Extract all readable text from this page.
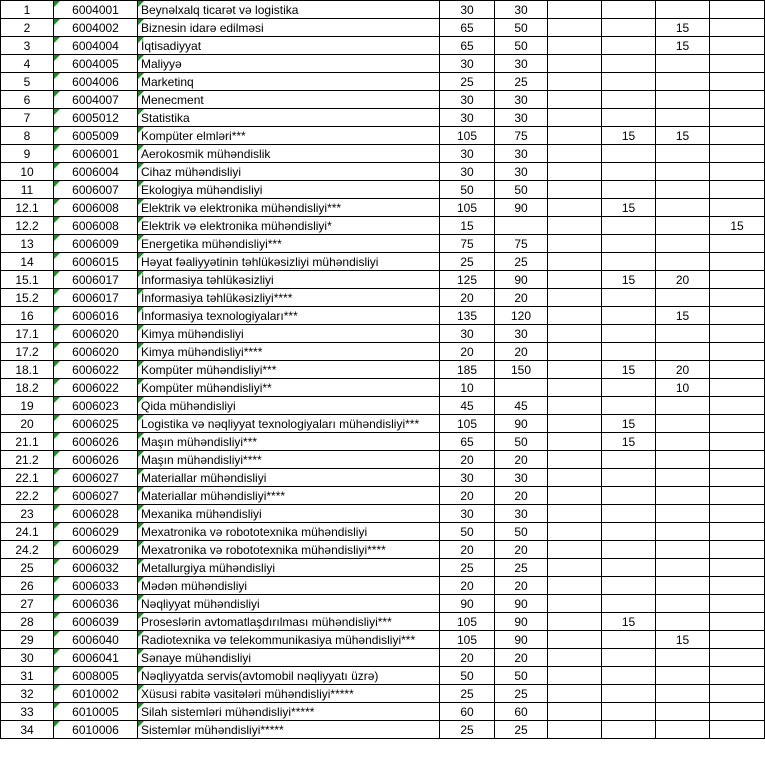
1	6004001	Beynəlxalq ticarət və logistika	30	30				
2	6004002	Biznesin idarə edilməsi	65	50			15	
3	6004004	İqtisadiyyat	65	50			15	
4	6004005	Maliyyə	30	30				
5	6004006	Marketinq	25	25				
6	6004007	Menecment	30	30				
7	6005012	Statistika	30	30				
8	6005009	Kompüter elmləri***	105	75		15	15	
9	6006001	Aerokosmik mühəndislik	30	30				
10	6006004	Cihaz mühəndisliyi	30	30				
11	6006007	Ekologiya mühəndisliyi	50	50				
12.1	6006008	Elektrik və elektronika mühəndisliyi***	105	90		15		
12.2	6006008	Elektrik və elektronika mühəndisliyi*	15					15
13	6006009	Energetika mühəndisliyi***	75	75				
14	6006015	Həyat fəaliyyətinin təhlükəsizliyi mühəndisliyi	25	25				
15.1	6006017	İnformasiya təhlükəsizliyi	125	90		15	20	
15.2	6006017	İnformasiya təhlükəsizliyi****	20	20				
16	6006016	İnformasiya texnologiyaları***	135	120			15	
17.1	6006020	Kimya mühəndisliyi	30	30				
17.2	6006020	Kimya mühəndisliyi****	20	20				
18.1	6006022	Kompüter mühəndisliyi***	185	150		15	20	
18.2	6006022	Kompüter mühəndisliyi**	10				10	
19	6006023	Qida mühəndisliyi	45	45				
20	6006025	Logistika və nəqliyyat texnologiyaları mühəndisliyi***	105	90		15		
21.1	6006026	Maşın mühəndisliyi***	65	50		15		
21.2	6006026	Maşın mühəndisliyi****	20	20				
22.1	6006027	Materiallar mühəndisliyi	30	30				
22.2	6006027	Materiallar mühəndisliyi****	20	20				
23	6006028	Mexanika mühəndisliyi	30	30				
24.1	6006029	Mexatronika və robototexnika mühəndisliyi	50	50				
24.2	6006029	Mexatronika və robototexnika mühəndisliyi****	20	20				
25	6006032	Metallurgiya mühəndisliyi	25	25				
26	6006033	Mədən mühəndisliyi	20	20				
27	6006036	Nəqliyyat mühəndisliyi	90	90				
28	6006039	Proseslərin avtomatlaşdırılması mühəndisliyi***	105	90		15		
29	6006040	Radiotexnika və telekommunikasiya mühəndisliyi***	105	90			15	
30	6006041	Sənaye mühəndisliyi	20	20				
31	6008005	Nəqliyyatda servis(avtomobil nəqliyyatı üzrə)	50	50				
32	6010002	Xüsusi rabitə vasitələri mühəndisliyi*****	25	25				
33	6010005	Silah sistemləri mühəndisliyi*****	60	60				
34	6010006	Sistemlər mühəndisliyi*****	25	25				
